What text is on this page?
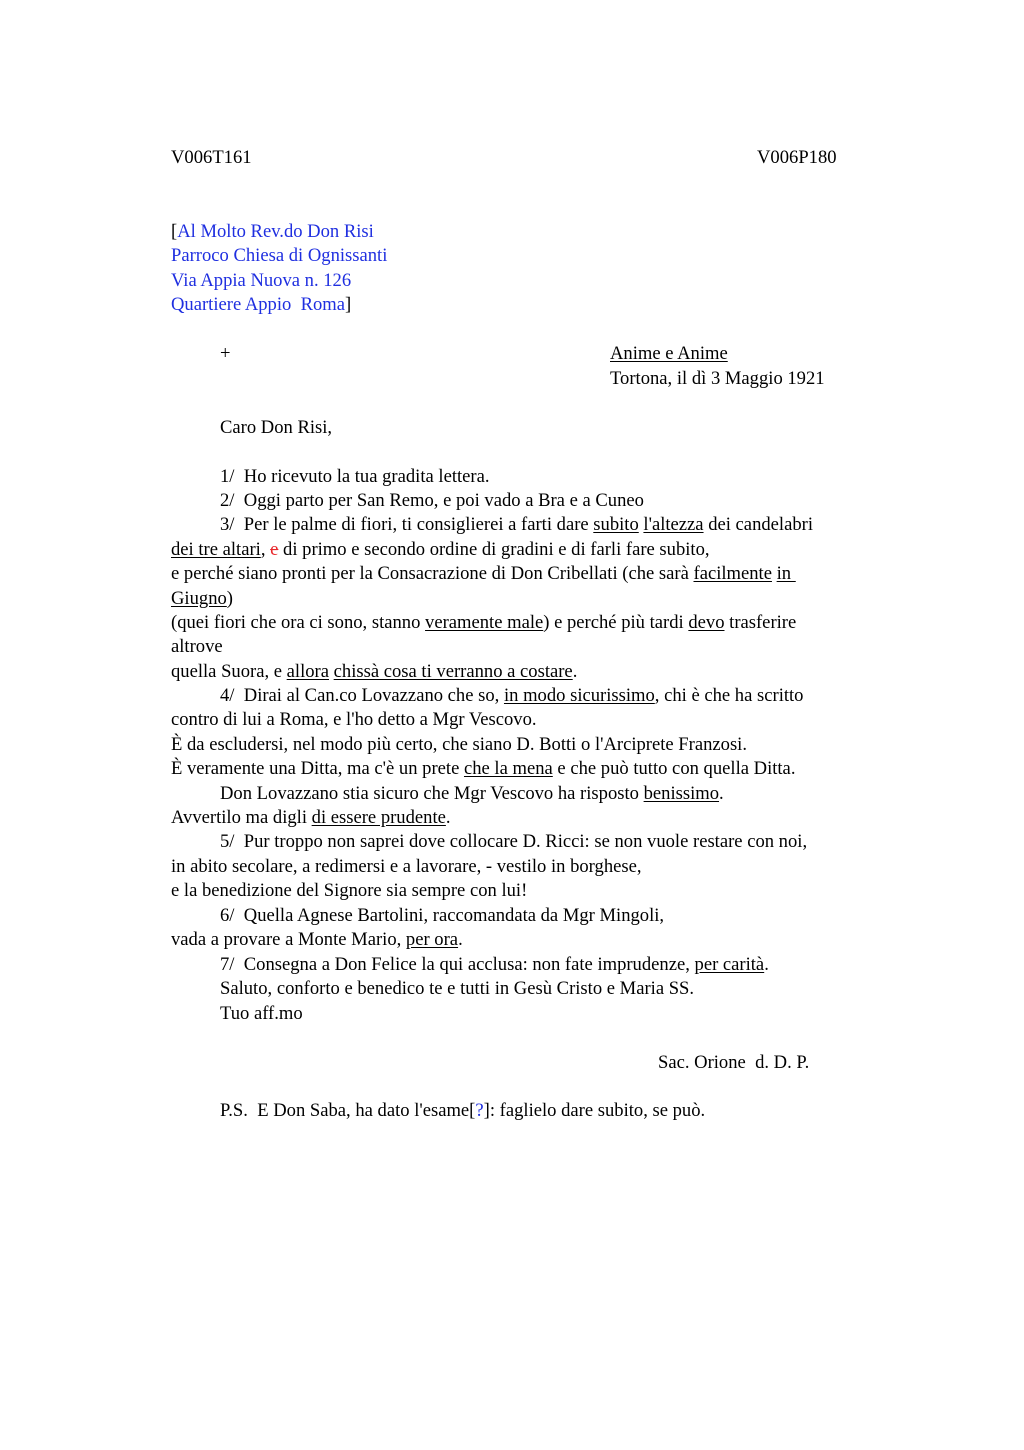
V006T161	V006P180
[Al Molto Rev.do Don Risi
Parroco Chiesa di Ognissanti
Via Appia Nuova n. 126
Quartiere Appio  Roma]
+	Anime e Anime
Tortona, il dì 3 Maggio 1921
Caro Don Risi,
1/  Ho ricevuto la tua gradita lettera.
2/  Oggi parto per San Remo, e poi vado a Bra e a Cuneo
3/  Per le palme di fiori, ti consiglierei a farti dare subito l'altezza dei candelabri
dei tre altari, e di primo e secondo ordine di gradini e di farli fare subito,
e perché siano pronti per la Consacrazione di Don Cribellati (che sarà facilmente in
Giugno)
(quei fiori che ora ci sono, stanno veramente male) e perché più tardi devo trasferire
altrove
quella Suora, e allora chissà cosa ti verranno a costare.
4/  Dirai al Can.co Lovazzano che so, in modo sicurissimo, chi è che ha scritto
contro di lui a Roma, e l'ho detto a Mgr Vescovo.
È da escludersi, nel modo più certo, che siano D. Botti o l'Arciprete Franzosi.
È veramente una Ditta, ma c'è un prete che la mena e che può tutto con quella Ditta.
Don Lovazzano stia sicuro che Mgr Vescovo ha risposto benissimo.
Avvertilo ma digli di essere prudente.
5/  Pur troppo non saprei dove collocare D. Ricci: se non vuole restare con noi,
in abito secolare, a redimersi e a lavorare, - vestilo in borghese,
e la benedizione del Signore sia sempre con lui!
6/  Quella Agnese Bartolini, raccomandata da Mgr Mingoli,
vada a provare a Monte Mario, per ora.
7/  Consegna a Don Felice la qui acclusa: non fate imprudenze, per carità.
Saluto, conforto e benedico te e tutti in Gesù Cristo e Maria SS.
Tuo aff.mo
Sac. Orione  d. D. P.
P.S.  E Don Saba, ha dato l'esame[?]: faglielo dare subito, se può.
